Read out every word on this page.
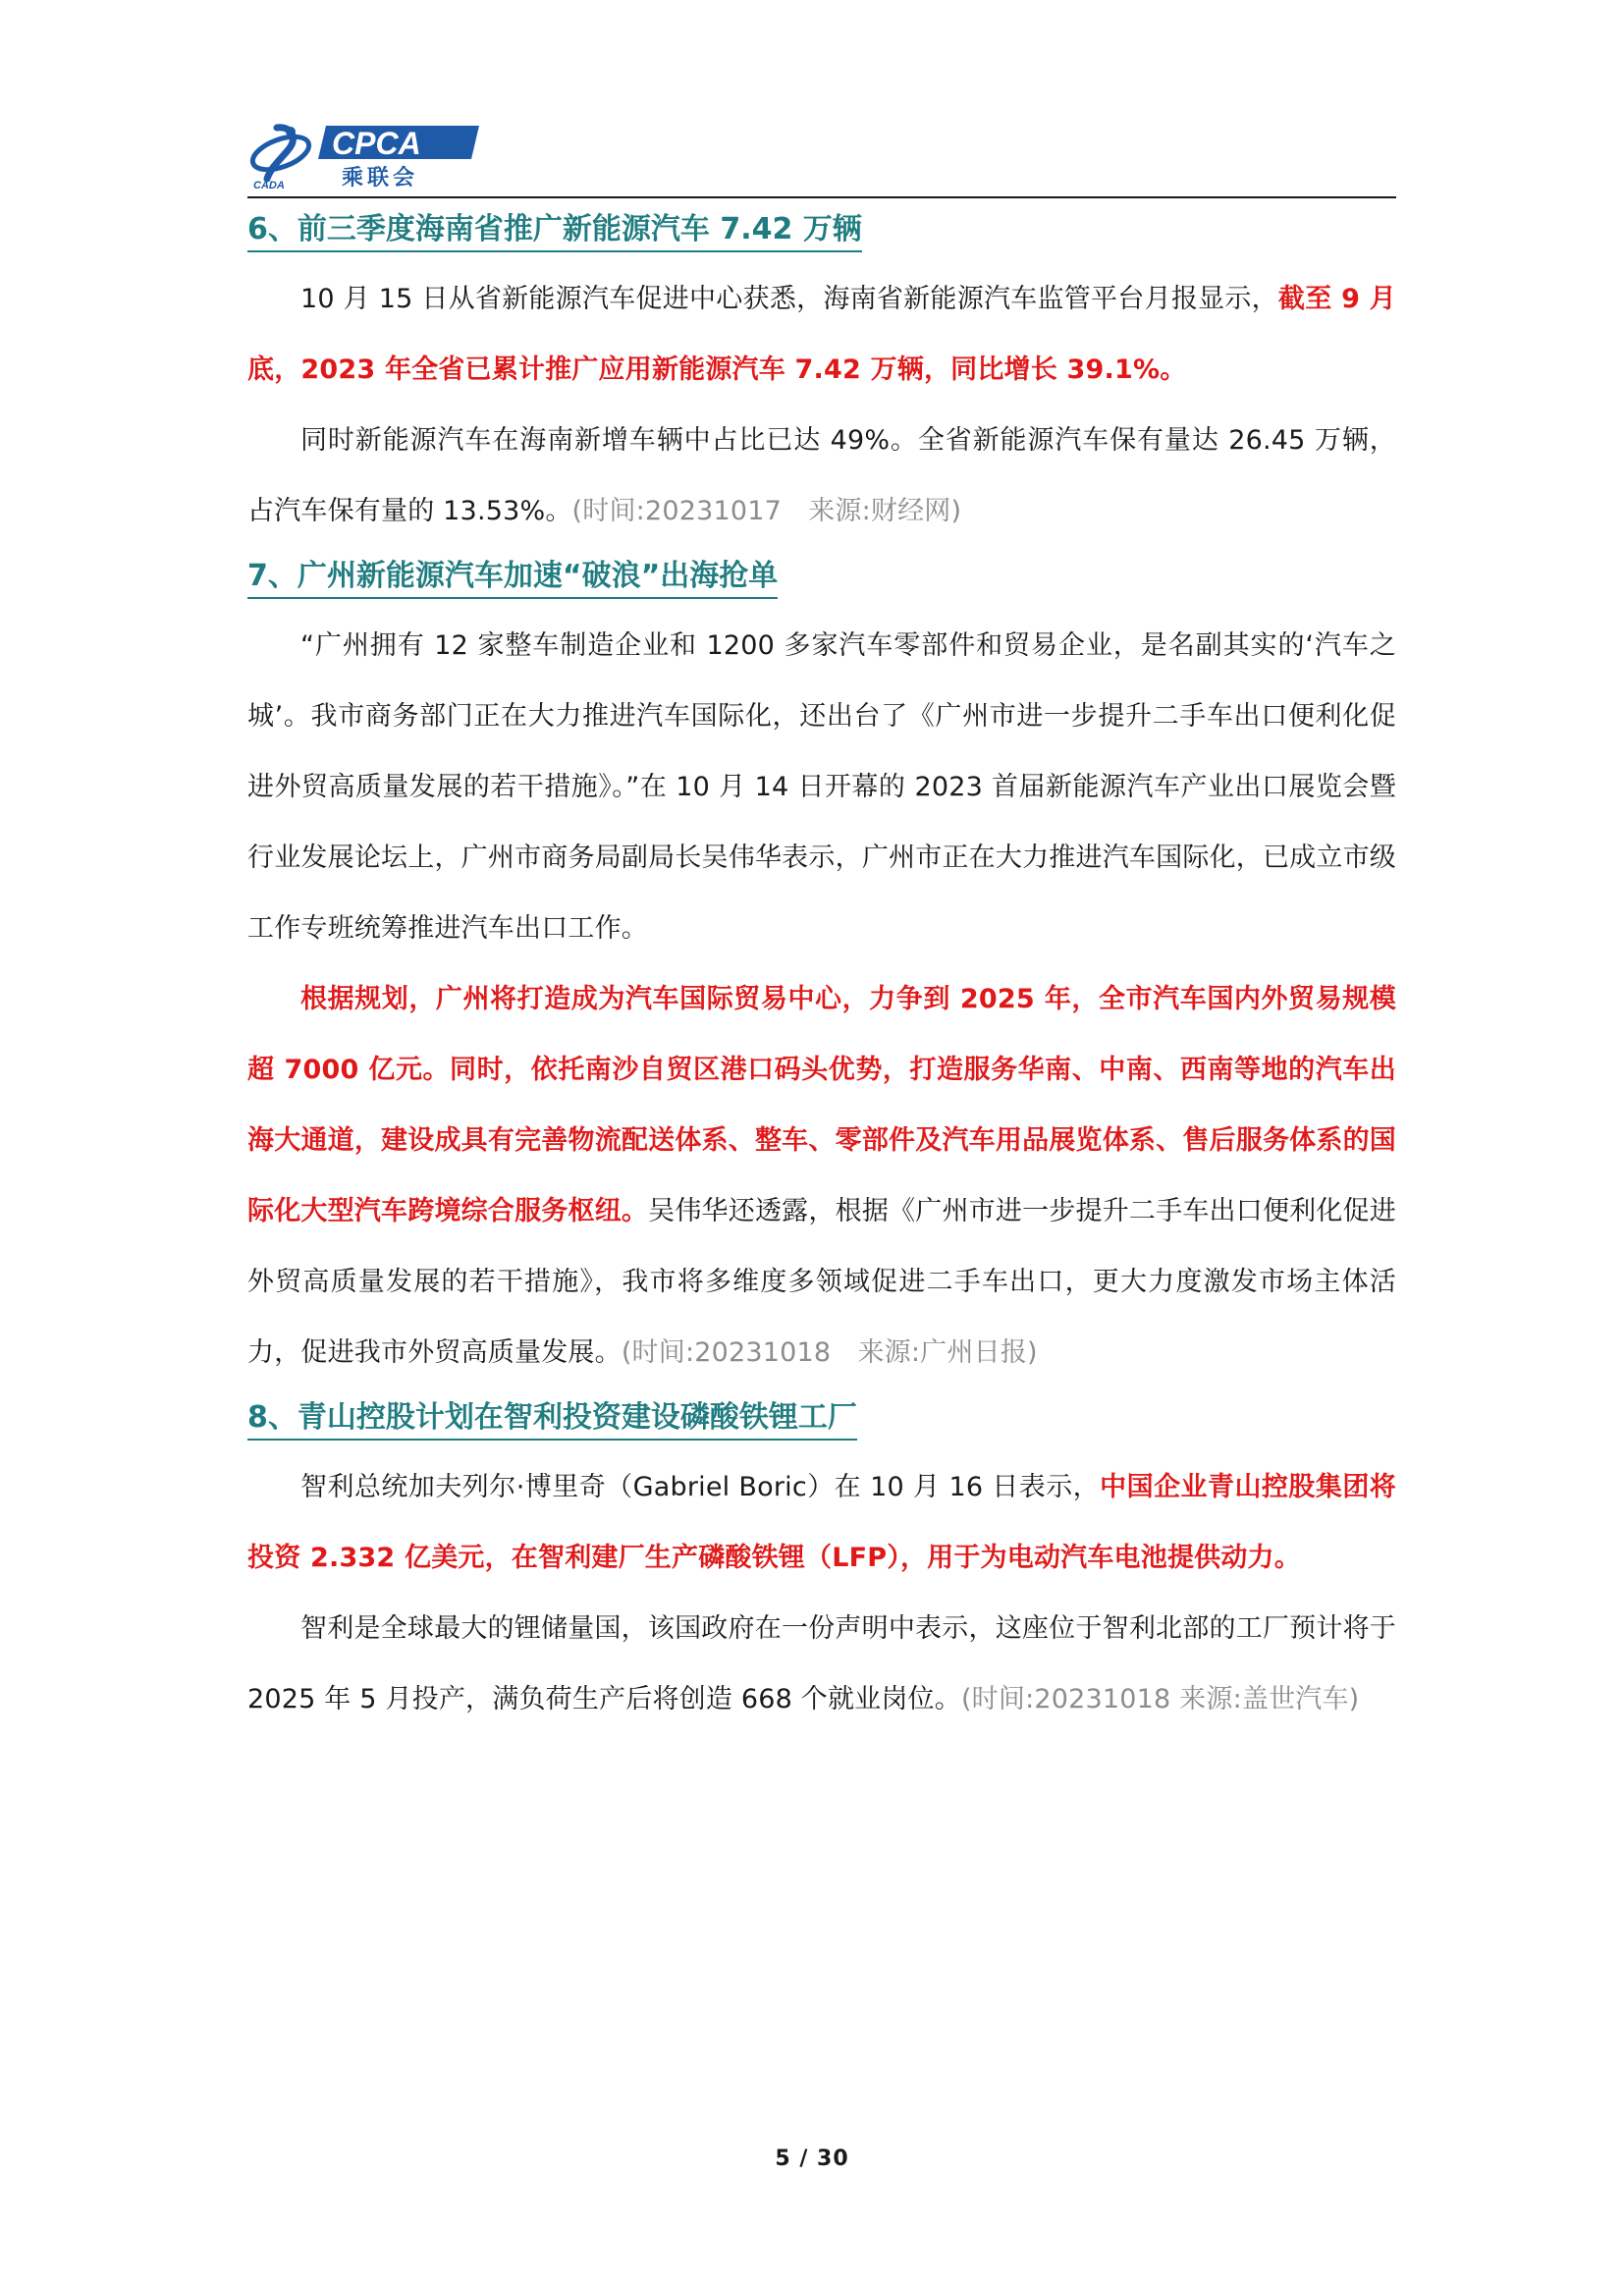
CADA
CPCA
乘联会
6、前三季度海南省推广新能源汽车 7.42 万辆

10 月 15 日从省新能源汽车促进中心获悉，海南省新能源汽车监管平台月报显示，截至 9 月底，2023 年全省已累计推广应用新能源汽车 7.42 万辆，同比增长 39.1%。

同时新能源汽车在海南新增车辆中占比已达 49%。全省新能源汽车保有量达 26.45 万辆，占汽车保有量的 13.53%。(时间:20231017　来源:财经网)

7、广州新能源汽车加速“破浪”出海抢单

“广州拥有 12 家整车制造企业和 1200 多家汽车零部件和贸易企业，是名副其实的‘汽车之城’。我市商务部门正在大力推进汽车国际化，还出台了《广州市进一步提升二手车出口便利化促进外贸高质量发展的若干措施》。”在 10 月 14 日开幕的 2023 首届新能源汽车产业出口展览会暨行业发展论坛上，广州市商务局副局长吴伟华表示，广州市正在大力推进汽车国际化，已成立市级工作专班统筹推进汽车出口工作。

根据规划，广州将打造成为汽车国际贸易中心，力争到 2025 年，全市汽车国内外贸易规模超 7000 亿元。同时，依托南沙自贸区港口码头优势，打造服务华南、中南、西南等地的汽车出海大通道，建设成具有完善物流配送体系、整车、零部件及汽车用品展览体系、售后服务体系的国际化大型汽车跨境综合服务枢纽。吴伟华还透露，根据《广州市进一步提升二手车出口便利化促进外贸高质量发展的若干措施》，我市将多维度多领域促进二手车出口，更大力度激发市场主体活力，促进我市外贸高质量发展。(时间:20231018　来源:广州日报)

8、青山控股计划在智利投资建设磷酸铁锂工厂

智利总统加夫列尔·博里奇（Gabriel Boric）在 10 月 16 日表示，中国企业青山控股集团将投资 2.332 亿美元，在智利建厂生产磷酸铁锂（LFP），用于为电动汽车电池提供动力。

智利是全球最大的锂储量国，该国政府在一份声明中表示，这座位于智利北部的工厂预计将于 2025 年 5 月投产，满负荷生产后将创造 668 个就业岗位。(时间:20231018 来源:盖世汽车)

5 / 30
